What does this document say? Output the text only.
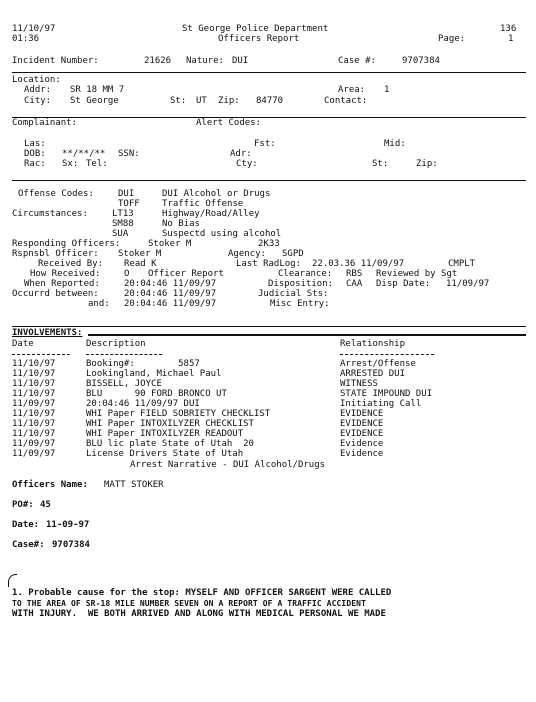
11/10/97
01:36
St George Police Department
Officers Report
136
Page:	1
Incident Number:	21626 Nature: DUI	Case #:	9707384
Location:
Addr: SR 18 MM 7	Area: 1
City: St George	St: UT Zip: 84770	Contact:
Complainant:	Alert Codes:
Las:	Fst:	Mid:
DOB: **/**/** SSN:	Adr:
Rac: Sx: Tel:	Cty:	St:	Zip:
Offense Codes:	DUI	DUI Alcohol or Drugs
TOFF Traffic Offense
Circumstances:	LT13	Highway/Road/Alley
SM88	No Bias
SUA	Suspectd using alcohol
Responding Officers:	Stoker M	2K33
Rspnsbl Officer: Stoker M	Agency: SGPD
Received By: Read K	Last RadLog: 22.03.36 11/09/97	CMPLT
How Received:	O Officer Report	Clearance: RBS Reviewed by Sgt
When Reported:	20:04:46 11/09/97	Disposition: CAA Disp Date: 11/09/97
Occurrd between:	20:04:46 11/09/97	Judicial Sts:
and: 20:04:46 11/09/97	Misc Entry:
INVOLVEMENTS:
Date	Description	Relationship
11/10/97	Booking#:        5857	Arrest/Offense
11/10/97	Lookingland, Michael Paul	ARRESTED DUI
11/10/97	BISSELL, JOYCE	WITNESS
11/10/97	BLU      90 FORD BRONCO UT	STATE IMPOUND DUI
11/09/97	20:04:46 11/09/97 DUI	Initiating Call
11/10/97	WHI Paper FIELD SOBRIETY CHECKLIST	EVIDENCE
11/10/97	WHI Paper INTOXILYZER CHECKLIST	EVIDENCE
11/10/97	WHI Paper INTOXILYZER READOUT	EVIDENCE
11/09/97	BLU lic plate State of Utah  20	Evidence
11/09/97	License Drivers State of Utah	Evidence
Arrest Narrative - DUI Alcohol/Drugs
Officers Name: MATT STOKER
PO#: 45
Date: 11-09-97
Case#: 9707384
1. Probable cause for the stop: MYSELF AND OFFICER SARGENT WERE CALLED
TO THE AREA OF SR-18 MILE NUMBER SEVEN ON A REPORT OF A TRAFFIC ACCIDENT
WITH INJURY.  WE BOTH ARRIVED AND ALONG WITH MEDICAL PERSONAL WE MADE
